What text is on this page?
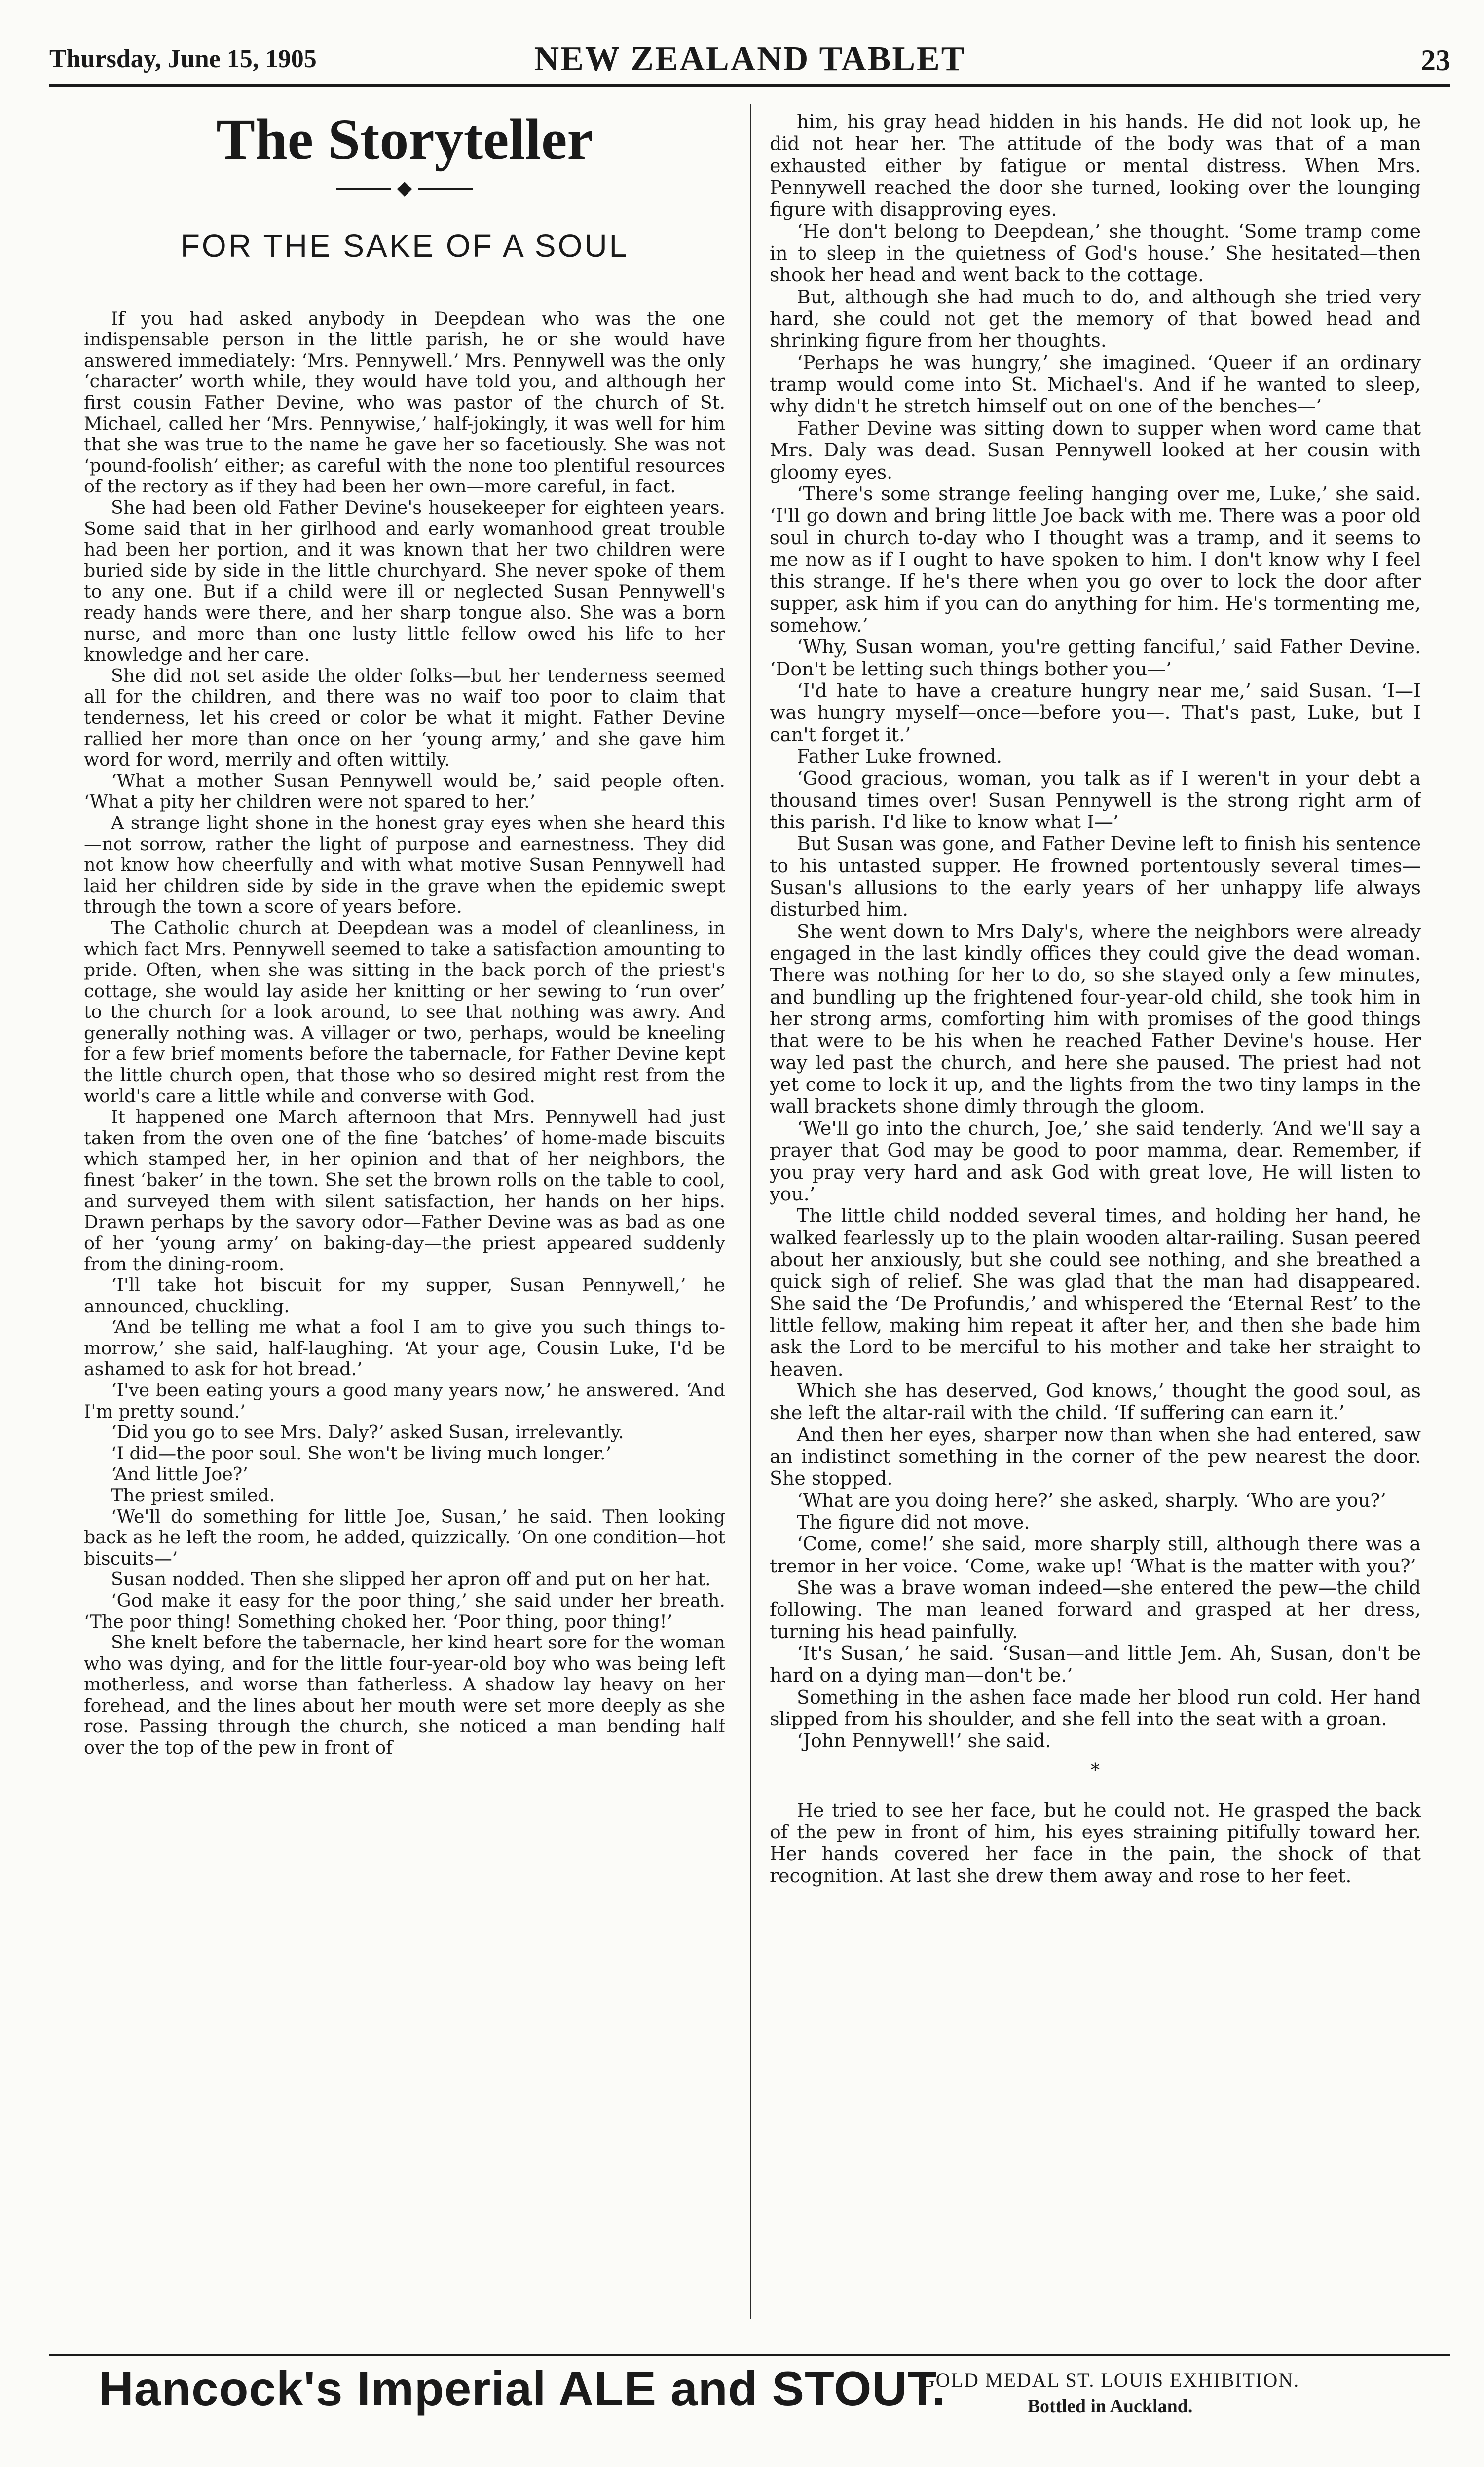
Thursday, June 15, 1905	NEW ZEALAND TABLET	23
The Storyteller
◆
FOR THE SAKE OF A SOUL

If you had asked anybody in Deepdean who was the one indispensable person in the little parish, he or she would have answered immediately: ‘Mrs. Pennywell.’ Mrs. Pennywell was the only ‘character’ worth while, they would have told you, and although her first cousin Father Devine, who was pastor of the church of St. Michael, called her ‘Mrs. Pennywise,’ half-jokingly, it was well for him that she was true to the name he gave her so facetiously. She was not ‘pound-foolish’ either; as careful with the none too plentiful resources of the rectory as if they had been her own—more careful, in fact.

She had been old Father Devine's housekeeper for eighteen years. Some said that in her girlhood and early womanhood great trouble had been her portion, and it was known that her two children were buried side by side in the little churchyard. She never spoke of them to any one. But if a child were ill or neglected Susan Pennywell's ready hands were there, and her sharp tongue also. She was a born nurse, and more than one lusty little fellow owed his life to her knowledge and her care.

She did not set aside the older folks—but her tenderness seemed all for the children, and there was no waif too poor to claim that tenderness, let his creed or color be what it might. Father Devine rallied her more than once on her ‘young army,’ and she gave him word for word, merrily and often wittily.

‘What a mother Susan Pennywell would be,’ said people often. ‘What a pity her children were not spared to her.’

A strange light shone in the honest gray eyes when she heard this—not sorrow, rather the light of purpose and earnestness. They did not know how cheerfully and with what motive Susan Pennywell had laid her children side by side in the grave when the epidemic swept through the town a score of years before.

The Catholic church at Deepdean was a model of cleanliness, in which fact Mrs. Pennywell seemed to take a satisfaction amounting to pride. Often, when she was sitting in the back porch of the priest's cottage, she would lay aside her knitting or her sewing to ‘run over’ to the church for a look around, to see that nothing was awry. And generally nothing was. A villager or two, perhaps, would be kneeling for a few brief moments before the tabernacle, for Father Devine kept the little church open, that those who so desired might rest from the world's care a little while and converse with God.

It happened one March afternoon that Mrs. Pennywell had just taken from the oven one of the fine ‘batches’ of home-made biscuits which stamped her, in her opinion and that of her neighbors, the finest ‘baker’ in the town. She set the brown rolls on the table to cool, and surveyed them with silent satisfaction, her hands on her hips. Drawn perhaps by the savory odor—Father Devine was as bad as one of her ‘young army’ on baking-day—the priest appeared suddenly from the dining-room.

‘I'll take hot biscuit for my supper, Susan Pennywell,’ he announced, chuckling.

‘And be telling me what a fool I am to give you such things to-morrow,’ she said, half-laughing. ‘At your age, Cousin Luke, I'd be ashamed to ask for hot bread.’

‘I've been eating yours a good many years now,’ he answered. ‘And I'm pretty sound.’

‘Did you go to see Mrs. Daly?’ asked Susan, irrelevantly.

‘I did—the poor soul. She won't be living much longer.’

‘And little Joe?’

The priest smiled.

‘We'll do something for little Joe, Susan,’ he said. Then looking back as he left the room, he added, quizzically. ‘On one condition—hot biscuits—’

Susan nodded. Then she slipped her apron off and put on her hat.

‘God make it easy for the poor thing,’ she said under her breath. ‘The poor thing! Something choked her. ‘Poor thing, poor thing!’

She knelt before the tabernacle, her kind heart sore for the woman who was dying, and for the little four-year-old boy who was being left motherless, and worse than fatherless. A shadow lay heavy on her forehead, and the lines about her mouth were set more deeply as she rose. Passing through the church, she noticed a man bending half over the top of the pew in front of

him, his gray head hidden in his hands. He did not look up, he did not hear her. The attitude of the body was that of a man exhausted either by fatigue or mental distress. When Mrs. Pennywell reached the door she turned, looking over the lounging figure with disapproving eyes.

‘He don't belong to Deepdean,’ she thought. ‘Some tramp come in to sleep in the quietness of God's house.’ She hesitated—then shook her head and went back to the cottage.

But, although she had much to do, and although she tried very hard, she could not get the memory of that bowed head and shrinking figure from her thoughts.

‘Perhaps he was hungry,’ she imagined. ‘Queer if an ordinary tramp would come into St. Michael's. And if he wanted to sleep, why didn't he stretch himself out on one of the benches—’

Father Devine was sitting down to supper when word came that Mrs. Daly was dead. Susan Pennywell looked at her cousin with gloomy eyes.

‘There's some strange feeling hanging over me, Luke,’ she said. ‘I'll go down and bring little Joe back with me. There was a poor old soul in church to-day who I thought was a tramp, and it seems to me now as if I ought to have spoken to him. I don't know why I feel this strange. If he's there when you go over to lock the door after supper, ask him if you can do anything for him. He's tormenting me, somehow.’

‘Why, Susan woman, you're getting fanciful,’ said Father Devine. ‘Don't be letting such things bother you—’

‘I'd hate to have a creature hungry near me,’ said Susan. ‘I—I was hungry myself—once—before you—. That's past, Luke, but I can't forget it.’

Father Luke frowned.

‘Good gracious, woman, you talk as if I weren't in your debt a thousand times over! Susan Pennywell is the strong right arm of this parish. I'd like to know what I—’

But Susan was gone, and Father Devine left to finish his sentence to his untasted supper. He frowned portentously several times—Susan's allusions to the early years of her unhappy life always disturbed him.

She went down to Mrs Daly's, where the neighbors were already engaged in the last kindly offices they could give the dead woman. There was nothing for her to do, so she stayed only a few minutes, and bundling up the frightened four-year-old child, she took him in her strong arms, comforting him with promises of the good things that were to be his when he reached Father Devine's house. Her way led past the church, and here she paused. The priest had not yet come to lock it up, and the lights from the two tiny lamps in the wall brackets shone dimly through the gloom.

‘We'll go into the church, Joe,’ she said tenderly. ‘And we'll say a prayer that God may be good to poor mamma, dear. Remember, if you pray very hard and ask God with great love, He will listen to you.’

The little child nodded several times, and holding her hand, he walked fearlessly up to the plain wooden altar-railing. Susan peered about her anxiously, but she could see nothing, and she breathed a quick sigh of relief. She was glad that the man had disappeared. She said the ‘De Profundis,’ and whispered the ‘Eternal Rest’ to the little fellow, making him repeat it after her, and then she bade him ask the Lord to be merciful to his mother and take her straight to heaven.

Which she has deserved, God knows,’ thought the good soul, as she left the altar-rail with the child. ‘If suffering can earn it.’

And then her eyes, sharper now than when she had entered, saw an indistinct something in the corner of the pew nearest the door. She stopped.

‘What are you doing here?’ she asked, sharply. ‘Who are you?’

The figure did not move.

‘Come, come!’ she said, more sharply still, although there was a tremor in her voice. ‘Come, wake up! ‘What is the matter with you?’

She was a brave woman indeed—she entered the pew—the child following. The man leaned forward and grasped at her dress, turning his head painfully.

‘It's Susan,’ he said. ‘Susan—and little Jem. Ah, Susan, don't be hard on a dying man—don't be.’

Something in the ashen face made her blood run cold. Her hand slipped from his shoulder, and she fell into the seat with a groan.

‘John Pennywell!’ she said.

*

He tried to see her face, but he could not. He grasped the back of the pew in front of him, his eyes straining pitifully toward her. Her hands covered her face in the pain, the shock of that recognition. At last she drew them away and rose to her feet.

Hancock's Imperial ALE and STOUT.
GOLD MEDAL ST. LOUIS EXHIBITION.
Bottled in Auckland.
